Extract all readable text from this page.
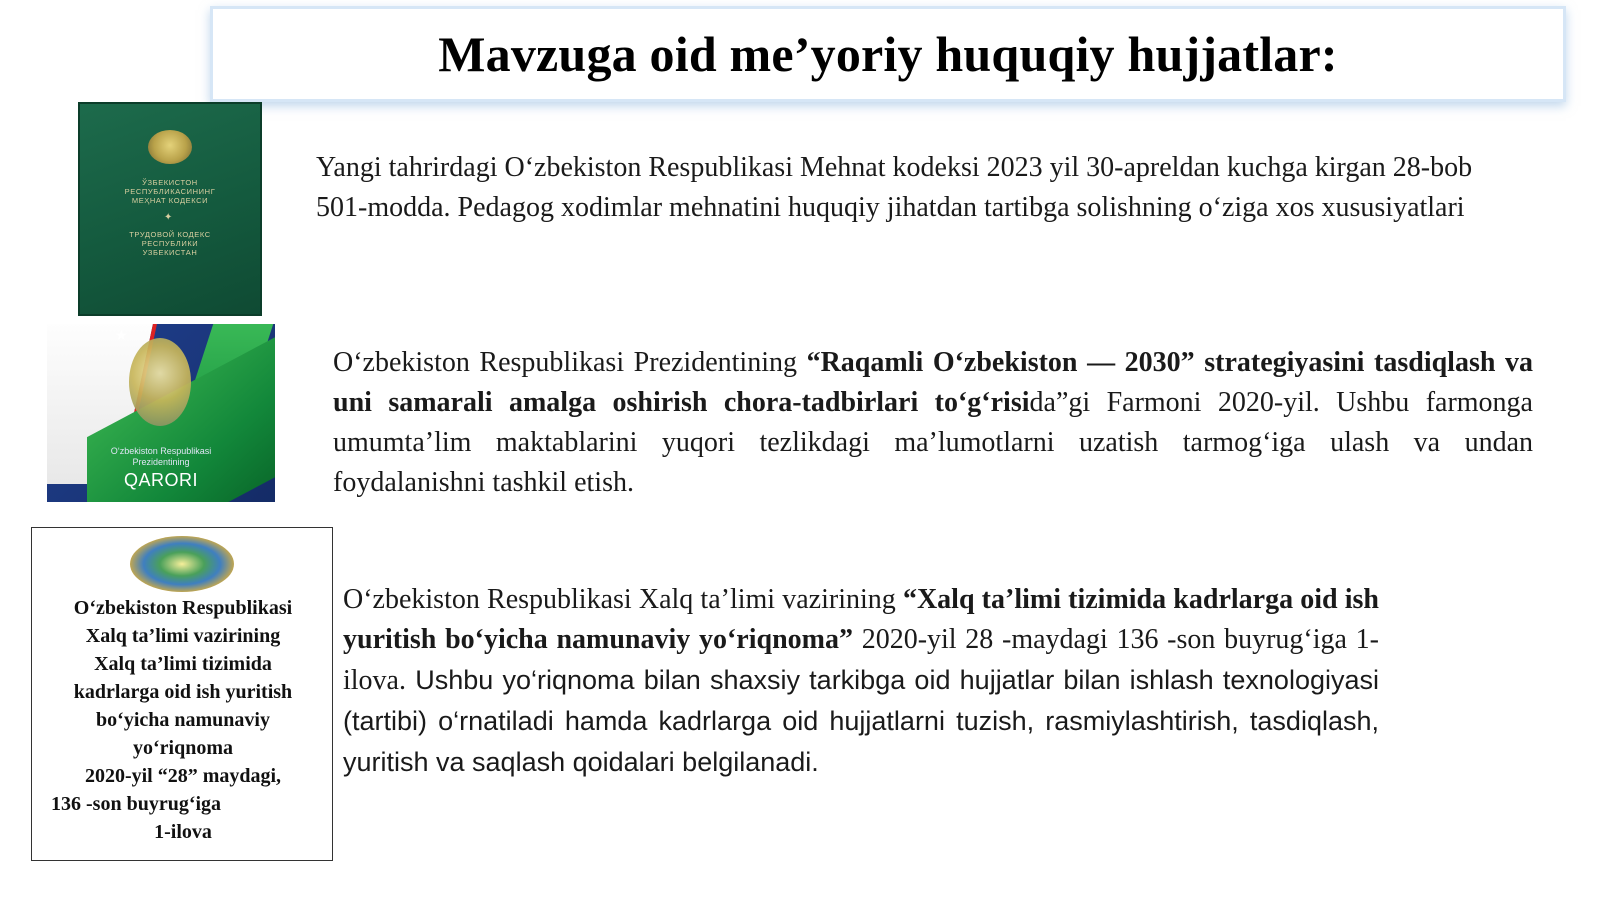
Mavzuga oid me’yoriy huquqiy hujjatlar:
ЎЗБЕКИСТОН
РЕСПУБЛИКАСИНИНГ
МЕҲНАТ КОДЕКСИ
✦
ТРУДОВОЙ КОДЕКС
РЕСПУБЛИКИ
УЗБЕКИСТАН
★
O‘zbekiston Respublikasi
Prezidentining
QARORI
O‘zbekiston Respublikasi
Xalq ta’limi vazirining
Xalq ta’limi tizimida
kadrlarga oid ish yuritish
bo‘yicha namunaviy
yo‘riqnoma
2020-yil “28” maydagi,
136 -son buyrug‘iga
1-ilova

Yangi tahrirdagi O‘zbekiston Respublikasi Mehnat kodeksi 2023 yil 30-apreldan kuchga kirgan 28-bob 501-modda. Pedagog xodimlar mehnatini huquqiy jihatdan tartibga solishning o‘ziga xos xususiyatlari

O‘zbekiston Respublikasi Prezidentining “Raqamli O‘zbekiston — 2030” strategiyasini tasdiqlash va uni samarali amalga oshirish chora-tadbirlari to‘g‘risida”gi Farmoni 2020-yil. Ushbu farmonga umumta’lim maktablarini yuqori tezlikdagi ma’lumotlarni uzatish tarmog‘iga ulash va undan foydalanishni tashkil etish.

O‘zbekiston Respublikasi Xalq ta’limi vazirining “Xalq ta’limi tizimida kadrlarga oid ish yuritish bo‘yicha namunaviy yo‘riqnoma” 2020-yil 28 -maydagi 136 -son buyrug‘iga 1-ilova. Ushbu yo‘riqnoma bilan shaxsiy tarkibga oid hujjatlar bilan ishlash texnologiyasi (tartibi) o‘rnatiladi hamda kadrlarga oid hujjatlarni tuzish, rasmiylashtirish, tasdiqlash, yuritish va saqlash qoidalari belgilanadi.
